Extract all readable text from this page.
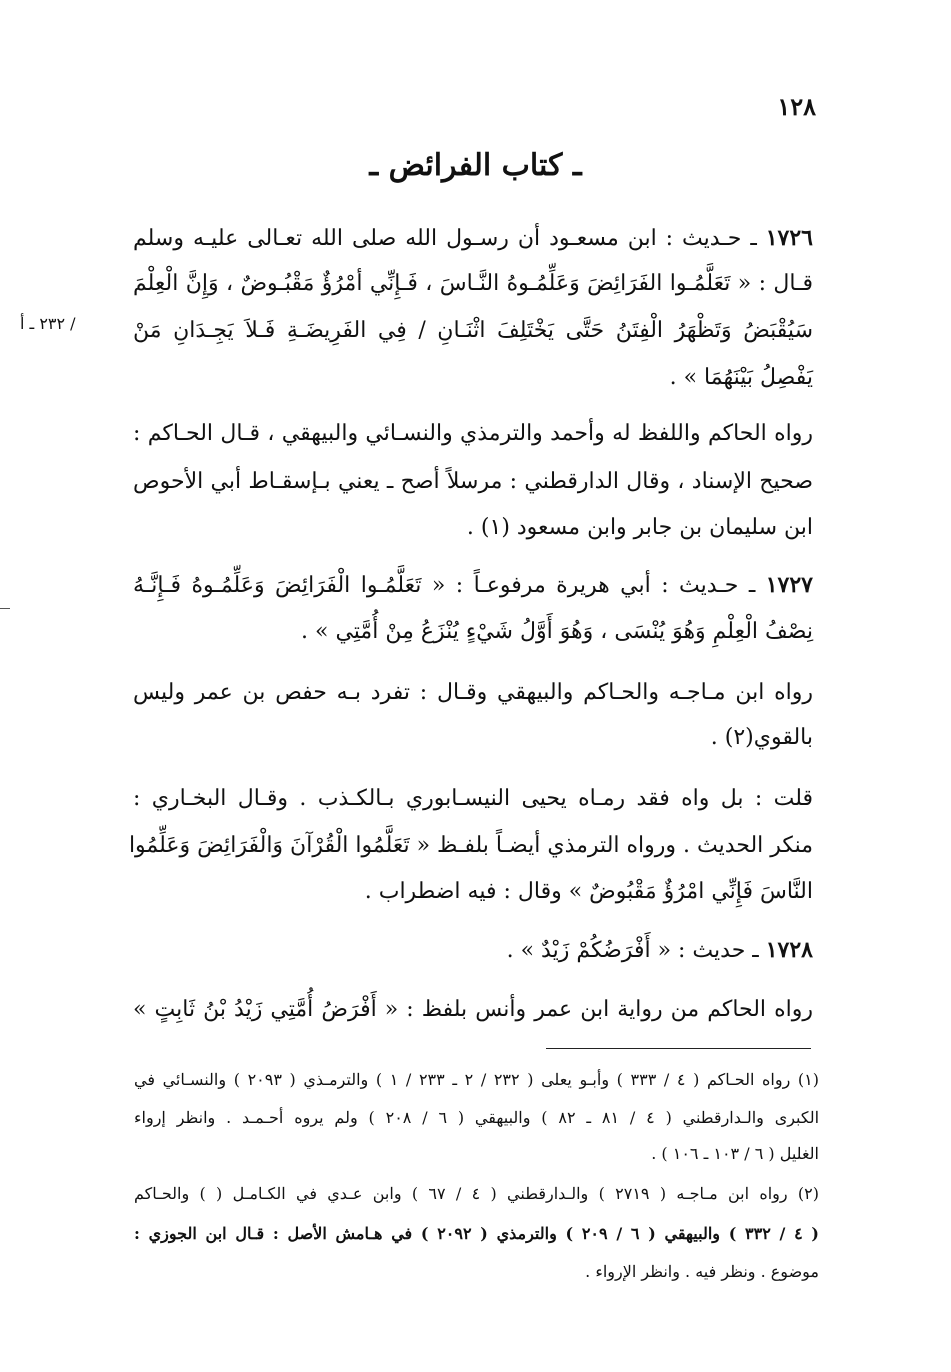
١٢٨
ـ كتاب الفرائض ـ
/ ٢٣٢ ـ أ
١٧٢٦ ـ حـديث : ابن مسعـود أن رسـول الله صلى الله تعـالى عليـه وسلم
قـال : « تَعَلَّمُـوا الفَرَائِضَ وَعَلِّمُـوهُ النَّـاسَ ، فَـإِنِّي أمْرُؤٌ مَقْبُـوضٌ ، وَإِنَّ الْعِلْمَ
سَيُقْبَضُ وَتَظْهَرُ الْفِتَنُ حَتَّى يَخْتَلِفَ اثْنَـانِ / فِي الفَرِيضَـةِ فَـلاَ يَجِـدَانِ مَنْ
يَفْصِلُ بَيْنَهُمَا » .
رواه الحاكم واللفظ له وأحمد والترمذي والنسـائي والبيهقي ، قـال الحـاكم :
صحيح الإسناد ، وقال الدارقطني : مرسلاً أصح ـ يعني بـإسقـاط أبي الأحوص
ابن سليمان بن جابر وابن مسعود (١) .
١٧٢٧ ـ حـديث : أبي هريرة مرفوعـاً : « تَعَلَّمُـوا الْفَرَائِضَ وَعَلِّمُـوهُ فَـإِنَّـهُ
نِصْفُ الْعِلْمِ وَهُوَ يُنْسَى ، وَهُوَ أَوَّلُ شَيْءٍ يُنْزَعُ مِنْ أُمَّتِي » .
رواه ابن مـاجـه والحـاكم والبيهقي وقـال : تفرد بـه حفص بن عمر وليس
بالقوي(٢) .
قلت : بل واه فقد رمـاه يحيى النيسـابوري بـالكـذب . وقـال البخـاري :
منكر الحديث . ورواه الترمذي أيضـاً بلفـظ « تَعَلَّمُوا الْقُرْآنَ وَالْفَرَائِضَ وَعَلِّمُوا
النَّاسَ فَإِنِّي امْرُؤٌ مَقْبُوضٌ » وقال : فيه اضطراب .
١٧٢٨ ـ حديث : « أَفْرَضُكُمْ زَيْدٌ » .
رواه الحاكم من رواية ابن عمر وأنس بلفظ : « أَفْرَضُ أُمَّتِي زَيْدُ بْنُ ثَابِتٍ »
(١) رواه الحـاكم ( ٤ / ٣٣٣ ) وأبـو يعلى ( ٢٣٢ / ٢ ـ ٢٣٣ / ١ ) والترمـذي ( ٢٠٩٣ ) والنسـائي في
الكبرى والـدارقطني ( ٤ / ٨١ ـ ٨٢ ) والبيهقي ( ٦ / ٢٠٨ ) ولم يروه أحـمـد . وانظر إرواء
الغليل ( ٦ / ١٠٣ ـ ١٠٦ ) .
(٢) رواه ابن مـاجـه ( ٢٧١٩ ) والـدارقطني ( ٤ / ٦٧ ) وابن عـدي في الكـامـل ( ) والحـاكم
( ٤ / ٣٣٢ ) والبيهقي ( ٦ / ٢٠٩ ) والترمذي ( ٢٠٩٢ ) في هـامش الأصل : قـال ابن الجوزي :
موضوع . ونظر فيه . وانظر الإرواء .
